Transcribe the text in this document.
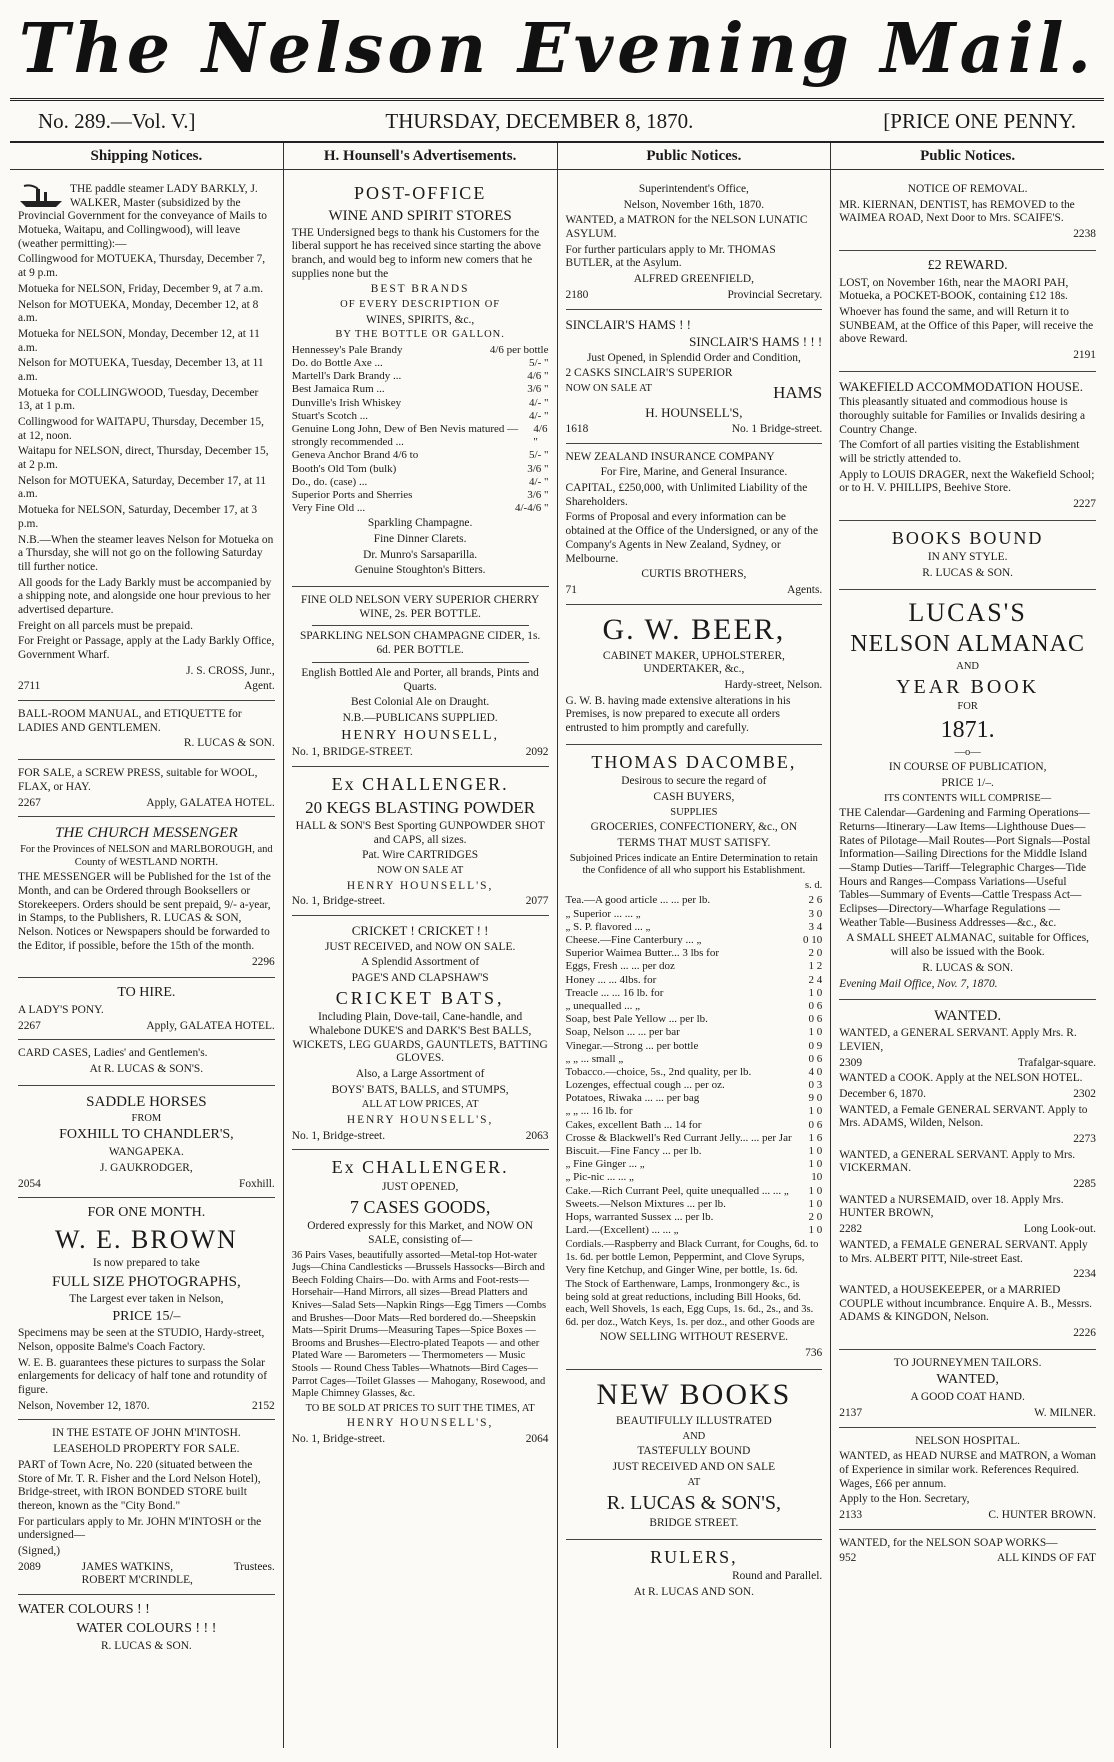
The Nelson Evening Mail.
No. 289.—Vol. V.]	THURSDAY, DECEMBER 8, 1870.	[PRICE ONE PENNY.
Shipping Notices.

THE paddle steamer LADY BARKLY, J. WALKER, Master (subsidized by the Provincial Government for the conveyance of Mails to Motueka, Waitapu, and Collingwood), will leave (weather permitting):—

Collingwood for MOTUEKA, Thursday, December 7, at 9 p.m.

Motueka for NELSON, Friday, December 9, at 7 a.m.

Nelson for MOTUEKA, Monday, December 12, at 8 a.m.

Motueka for NELSON, Monday, December 12, at 11 a.m.

Nelson for MOTUEKA, Tuesday, December 13, at 11 a.m.

Motueka for COLLINGWOOD, Tuesday, December 13, at 1 p.m.

Collingwood for WAITAPU, Thursday, December 15, at 12, noon.

Waitapu for NELSON, direct, Thursday, December 15, at 2 p.m.

Nelson for MOTUEKA, Saturday, December 17, at 11 a.m.

Motueka for NELSON, Saturday, December 17, at 3 p.m.

N.B.—When the steamer leaves Nelson for Motueka on a Thursday, she will not go on the following Saturday till further notice.

All goods for the Lady Barkly must be accompanied by a shipping note, and alongside one hour previous to her advertised departure.

Freight on all parcels must be prepaid.

For Freight or Passage, apply at the Lady Barkly Office, Government Wharf.

J. S. CROSS, Junr.,

2711	Agent.

BALL-ROOM MANUAL, and ETIQUETTE for LADIES AND GENTLEMEN.

R. LUCAS & SON.

FOR SALE, a SCREW PRESS, suitable for WOOL, FLAX, or HAY.

2267	Apply, GALATEA HOTEL.

THE CHURCH MESSENGER

For the Provinces of NELSON and MARLBOROUGH, and County of WESTLAND NORTH.

THE MESSENGER will be Published for the 1st of the Month, and can be Ordered through Booksellers or Storekeepers. Orders should be sent prepaid, 9/- a-year, in Stamps, to the Publishers, R. LUCAS & SON, Nelson. Notices or Newspapers should be forwarded to the Editor, if possible, before the 15th of the month.

2296

TO HIRE.

A LADY'S PONY.

2267	Apply, GALATEA HOTEL.

CARD CASES, Ladies' and Gentlemen's.

At R. LUCAS & SON'S.

SADDLE HORSES

FROM

FOXHILL TO CHANDLER'S,

WANGAPEKA.

J. GAUKRODGER,

2054	Foxhill.

FOR ONE MONTH.

W. E. BROWN

Is now prepared to take

FULL SIZE PHOTOGRAPHS,

The Largest ever taken in Nelson,

PRICE 15/–

Specimens may be seen at the STUDIO, Hardy-street, Nelson, opposite Balme's Coach Factory.

W. E. B. guarantees these pictures to surpass the Solar enlargements for delicacy of half tone and rotundity of figure.

Nelson, November 12, 1870.	2152

IN THE ESTATE OF JOHN M'INTOSH.

LEASEHOLD PROPERTY FOR SALE.

PART of Town Acre, No. 220 (situated between the Store of Mr. T. R. Fisher and the Lord Nelson Hotel), Bridge-street, with IRON BONDED STORE built thereon, known as the "City Bond."

For particulars apply to Mr. JOHN M'INTOSH or the undersigned—

(Signed,)

2089	JAMES WATKINS,
ROBERT M'CRINDLE,
Trustees.

WATER COLOURS ! !

WATER COLOURS ! ! !

R. LUCAS & SON.

H. Hounsell's Advertisements.

POST-OFFICE

WINE AND SPIRIT STORES

THE Undersigned begs to thank his Customers for the liberal support he has received since starting the above branch, and would beg to inform new comers that he supplies none but the

BEST BRANDS

OF EVERY DESCRIPTION OF

WINES, SPIRITS, &c.,

BY THE BOTTLE OR GALLON.

Hennessey's Pale Brandy	4/6 per bottle
Do. do Bottle Axe ...	5/- "
Martell's Dark Brandy ...	4/6 "
Best Jamaica Rum ...	3/6 "
Dunville's Irish Whiskey	4/- "
Stuart's Scotch ...	4/- "
Genuine Long John, Dew of Ben Nevis matured — strongly recommended ...
4/6 "
Geneva Anchor Brand 4/6 to	5/- "
Booth's Old Tom (bulk)	3/6 "
Do., do. (case) ...	4/- "
Superior Ports and Sherries	3/6 "
Very Fine Old ...	4/-4/6 "

Sparkling Champagne.

Fine Dinner Clarets.

Dr. Munro's Sarsaparilla.

Genuine Stoughton's Bitters.

FINE OLD NELSON VERY SUPERIOR CHERRY WINE, 2s. PER BOTTLE.

SPARKLING NELSON CHAMPAGNE CIDER, 1s. 6d. PER BOTTLE.

English Bottled Ale and Porter, all brands, Pints and Quarts.

Best Colonial Ale on Draught.

N.B.—PUBLICANS SUPPLIED.

HENRY HOUNSELL,

No. 1, BRIDGE-STREET.	2092

Ex CHALLENGER.

20 KEGS BLASTING POWDER

HALL & SON'S Best Sporting GUNPOWDER SHOT and CAPS, all sizes.

Pat. Wire CARTRIDGES

NOW ON SALE AT

HENRY HOUNSELL'S,

No. 1, Bridge-street.	2077

CRICKET ! CRICKET ! !

JUST RECEIVED, and NOW ON SALE.

A Splendid Assortment of

PAGE'S AND CLAPSHAW'S

CRICKET BATS,

Including Plain, Dove-tail, Cane-handle, and Whalebone DUKE'S and DARK'S Best BALLS, WICKETS, LEG GUARDS, GAUNTLETS, BATTING GLOVES.

Also, a Large Assortment of

BOYS' BATS, BALLS, and STUMPS,

ALL AT LOW PRICES, AT

HENRY HOUNSELL'S,

No. 1, Bridge-street.	2063

Ex CHALLENGER.

JUST OPENED,

7 CASES GOODS,

Ordered expressly for this Market, and NOW ON SALE, consisting of—

36 Pairs Vases, beautifully assorted—Metal-top Hot-water Jugs—China Candlesticks —Brussels Hassocks—Birch and Beech Folding Chairs—Do. with Arms and Foot-rests—Horsehair—Hand Mirrors, all sizes—Bread Platters and Knives—Salad Sets—Napkin Rings—Egg Timers —Combs and Brushes—Door Mats—Red bordered do.—Sheepskin Mats—Spirit Drums—Measuring Tapes—Spice Boxes —Brooms and Brushes—Electro-plated Teapots — and other Plated Ware — Barometers — Thermometers — Music Stools — Round Chess Tables—Whatnots—Bird Cages—Parrot Cages—Toilet Glasses — Mahogany, Rosewood, and Maple Chimney Glasses, &c.

TO BE SOLD AT PRICES TO SUIT THE TIMES, AT

HENRY HOUNSELL'S,

No. 1, Bridge-street.	2064
Public Notices.

Superintendent's Office,

Nelson, November 16th, 1870.

WANTED, a MATRON for the NELSON LUNATIC ASYLUM.

For further particulars apply to Mr. THOMAS BUTLER, at the Asylum.

ALFRED GREENFIELD,

2180	Provincial Secretary.

SINCLAIR'S HAMS ! !

SINCLAIR'S HAMS ! ! !

Just Opened, in Splendid Order and Condition,

2 CASKS SINCLAIR'S SUPERIOR

NOW ON SALE AT	HAMS

H. HOUNSELL'S,

1618	No. 1 Bridge-street.

NEW ZEALAND INSURANCE COMPANY

For Fire, Marine, and General Insurance.

CAPITAL, £250,000, with Unlimited Liability of the Shareholders.

Forms of Proposal and every information can be obtained at the Office of the Undersigned, or any of the Company's Agents in New Zealand, Sydney, or Melbourne.

CURTIS BROTHERS,

71	Agents.

G. W. BEER,

CABINET MAKER, UPHOLSTERER, UNDERTAKER, &c.,

Hardy-street, Nelson.

G. W. B. having made extensive alterations in his Premises, is now prepared to execute all orders entrusted to him promptly and carefully.

THOMAS DACOMBE,

Desirous to secure the regard of

CASH BUYERS,

SUPPLIES

GROCERIES, CONFECTIONERY, &c., ON

TERMS THAT MUST SATISFY.

Subjoined Prices indicate an Entire Determination to retain the Confidence of all who support his Establishment.

s. d.

Tea.—A good article ... ... per lb.	2 6
„ Superior ... ... „	3 0
„ S. P. flavored ... „	3 4
Cheese.—Fine Canterbury ... „	0 10
Superior Waimea Butter... 3 lbs for	2 0
Eggs, Fresh ... ... per doz	1 2
Honey ... ... 4lbs. for	2 4
Treacle ... ... 16 lb. for	1 0
„ unequalled ... „	0 6
Soap, best Pale Yellow ... per lb.	0 6
Soap, Nelson ... ... per bar	1 0
Vinegar.—Strong ... per bottle	0 9
„ „ ... small „	0 6
Tobacco.—choice, 5s., 2nd quality, per lb.	4 0
Lozenges, effectual cough ... per oz.	0 3
Potatoes, Riwaka ... ... per bag	9 0
„ „ ... 16 lb. for	1 0
Cakes, excellent Bath ... 14 for	0 6
Crosse & Blackwell's Red Currant Jelly... ... per Jar 1 6
Biscuit.—Fine Fancy ... per lb.	1 0
„ Fine Ginger ... „	1 0
„ Pic-nic ... ... „	10
Cake.—Rich Currant Peel, quite unequalled ... ... „ 1 0
Sweets.—Nelson Mixtures ... per lb.	1 0
Hops, warranted Sussex ... per lb.	2 0
Lard.—(Excellent) ... ... „	1 0

Cordials.—Raspberry and Black Currant, for Coughs, 6d. to 1s. 6d. per bottle Lemon, Peppermint, and Clove Syrups, Very fine Ketchup, and Ginger Wine, per bottle, 1s. 6d.

The Stock of Earthenware, Lamps, Ironmongery &c., is being sold at great reductions, including Bill Hooks, 6d. each, Well Shovels, 1s each, Egg Cups, 1s. 6d., 2s., and 3s. 6d. per doz., Watch Keys, 1s. per doz., and other Goods are

NOW SELLING WITHOUT RESERVE.

736

NEW BOOKS

BEAUTIFULLY ILLUSTRATED

AND

TASTEFULLY BOUND

JUST RECEIVED AND ON SALE

AT

R. LUCAS & SON'S,

BRIDGE STREET.

RULERS,

Round and Parallel.

At R. LUCAS AND SON.

Public Notices.

NOTICE OF REMOVAL.

MR. KIERNAN, DENTIST, has REMOVED to the WAIMEA ROAD, Next Door to Mrs. SCAIFE'S.

2238

£2 REWARD.

LOST, on November 16th, near the MAORI PAH, Motueka, a POCKET-BOOK, containing £12 18s.

Whoever has found the same, and will Return it to SUNBEAM, at the Office of this Paper, will receive the above Reward.

2191

WAKEFIELD ACCOMMODATION HOUSE.

This pleasantly situated and commodious house is thoroughly suitable for Families or Invalids desiring a Country Change.

The Comfort of all parties visiting the Establishment will be strictly attended to.

Apply to LOUIS DRAGER, next the Wakefield School; or to H. V. PHILLIPS, Beehive Store.

2227

BOOKS BOUND

IN ANY STYLE.

R. LUCAS & SON.

LUCAS'S

NELSON ALMANAC

AND

YEAR BOOK

FOR

1871.

—o—

IN COURSE OF PUBLICATION,

PRICE 1/–.

ITS CONTENTS WILL COMPRISE—

THE Calendar—Gardening and Farming Operations—Returns—Itinerary—Law Items—Lighthouse Dues—Rates of Pilotage—Mail Routes—Port Signals—Postal Information—Sailing Directions for the Middle Island—Stamp Duties—Tariff—Telegraphic Charges—Tide Hours and Ranges—Compass Variations—Useful Tables—Summary of Events—Cattle Trespass Act—Eclipses—Directory—Wharfage Regulations — Weather Table—Business Addresses—&c., &c.

A SMALL SHEET ALMANAC, suitable for Offices, will also be issued with the Book.

R. LUCAS & SON.

Evening Mail Office, Nov. 7, 1870.

WANTED.

WANTED, a GENERAL SERVANT. Apply Mrs. R. LEVIEN,

2309	Trafalgar-square.

WANTED a COOK. Apply at the NELSON HOTEL.

December 6, 1870.	2302

WANTED, a Female GENERAL SERVANT. Apply to Mrs. ADAMS, Wilden, Nelson.

2273

WANTED, a GENERAL SERVANT. Apply to Mrs. VICKERMAN.

2285

WANTED a NURSEMAID, over 18. Apply Mrs. HUNTER BROWN,

2282	Long Look-out.

WANTED, a FEMALE GENERAL SERVANT. Apply to Mrs. ALBERT PITT, Nile-street East.

2234

WANTED, a HOUSEKEEPER, or a MARRIED COUPLE without incumbrance. Enquire A. B., Messrs. ADAMS & KINGDON, Nelson.

2226

TO JOURNEYMEN TAILORS.

WANTED,

A GOOD COAT HAND.

2137	W. MILNER.

NELSON HOSPITAL.

WANTED, as HEAD NURSE and MATRON, a Woman of Experience in similar work. References Required. Wages, £66 per annum.

Apply to the Hon. Secretary,

2133	C. HUNTER BROWN.

WANTED, for the NELSON SOAP WORKS—

952	ALL KINDS OF FAT
